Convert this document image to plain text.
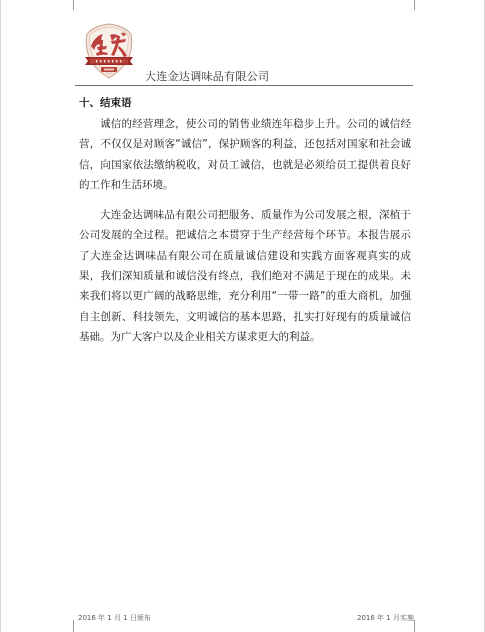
大连金达调味品有限公司
十、结束语

诚信的经营理念，使公司的销售业绩连年稳步上升。公司的诚信经营，不仅仅是对顾客“诚信”，保护顾客的利益，还包括对国家和社会诚信，向国家依法缴纳税收，对员工诚信，也就是必须给员工提供着良好的工作和生活环境。

大连金达调味品有限公司把服务、质量作为公司发展之根，深植于公司发展的全过程。把诚信之本贯穿于生产经营每个环节。本报告展示了大连金达调味品有限公司在质量诚信建设和实践方面客观真实的成果，我们深知质量和诚信没有终点，我们绝对不满足于现在的成果。未来我们将以更广阔的战略思维，充分利用“一带一路”的重大商机，加强自主创新、科技领先，文明诚信的基本思路，扎实打好现有的质量诚信基础。为广大客户以及企业相关方谋求更大的利益。

2016 年 1 月 1 日颁布	2016 年 1 月实施
